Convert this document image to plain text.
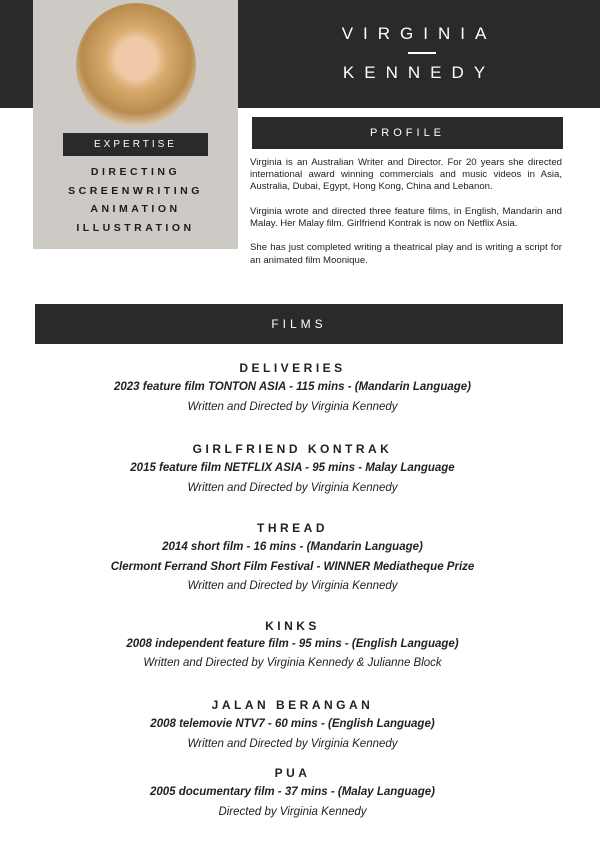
EXPERTISE
DIRECTING
SCREENWRITING
ANIMATION
ILLUSTRATION
VIRGINIA
KENNEDY
PROFILE

Virginia is an Australian Writer and Director. For 20 years she directed international award winning commercials and music videos in Asia, Australia, Dubai, Egypt, Hong Kong, China and Lebanon.

Virginia wrote and directed three feature films, in English, Mandarin and Malay. Her Malay film. Girlfriend Kontrak is now on Netflix Asia.

She has just completed writing a theatrical play and is writing a script for an animated film Moonique.

FILMS
DELIVERIES
2023 feature film TONTON ASIA - 115 mins - (Mandarin Language)
Written and Directed by Virginia Kennedy
GIRLFRIEND KONTRAK
2015 feature film NETFLIX ASIA - 95 mins - Malay Language
Written and Directed by Virginia Kennedy
THREAD
2014 short film - 16 mins - (Mandarin Language)
Clermont Ferrand Short Film Festival - WINNER Mediatheque Prize
Written and Directed by Virginia Kennedy
KINKS
2008 independent feature film - 95 mins - (English Language)
Written and Directed by Virginia Kennedy & Julianne Block
JALAN BERANGAN
2008 telemovie NTV7 - 60 mins - (English Language)
Written and Directed by Virginia Kennedy
PUA
2005 documentary film - 37 mins - (Malay Language)
Directed by Virginia Kennedy
